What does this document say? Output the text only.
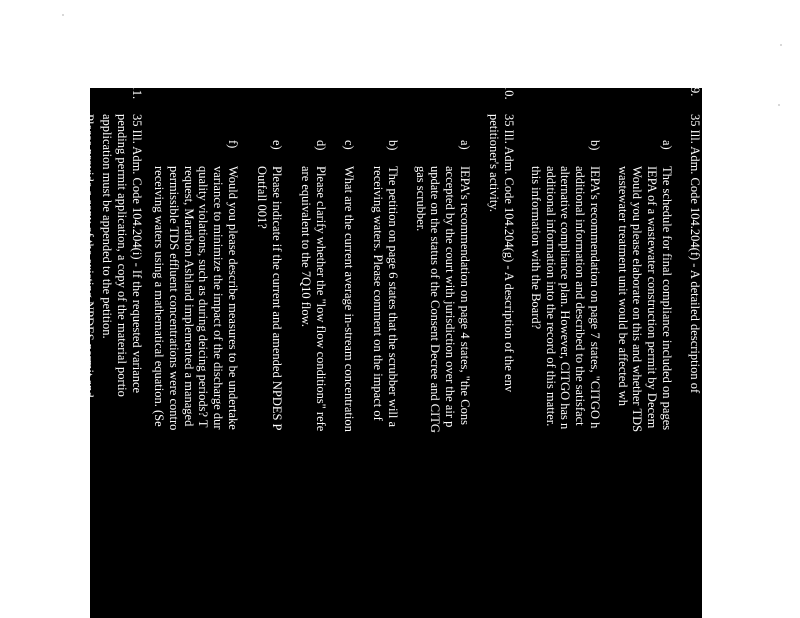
9.
35 Ill. Adm. Code 104.204(f) - A detailed description of
a)
The schedule for final compliance included on pages
IEPA of a wastewater construction permit by Decem
Would you please elaborate on this and whether TDS
wastewater treatment unit would be affected wh
b)
IEPA's recommendation on page 7 states, "CITGO h
additional information and described to the satisfact
alternative compliance plan. However, CITGO has n
additional information into the record of this matter.
this information with the Board?
10.
35 Ill. Adm. Code 104.204(g) - A description of the env
petitioner's activity.
a)
IEPA's recommendation on page 4 states, "the Cons
accepted by the court with jurisdiction over the air p
update on the status of the Consent Decree and CITG
gas scrubber.
b)
The petition on page 6 states that the scrubber will a
receiving waters. Please comment on the impact of
c)
What are the current average in-stream concentration
d)
Please clarify whether the "low flow conditions" refe
are equivalent to the 7Q10 flow.
e)
Please indicate if the current and amended NPDES P
Outfall 001?
f)
Would you please describe measures to be undertake
variance to minimize the impact of the discharge dur
quality violations, such as during deicing periods? T
request, Marathon Ashland implemented a managed
permissible TDS effluent concentrations were contro
receiving waters using a mathematical equation. (Se
11.
35 Ill. Adm. Code 104.204(i) - If the requested variance
pending permit application, a copy of the material portio
application must be appended to the petition.
Please provide a copy of the existing NPDES permit and
submitted to the IEPA on 8-5-04.
